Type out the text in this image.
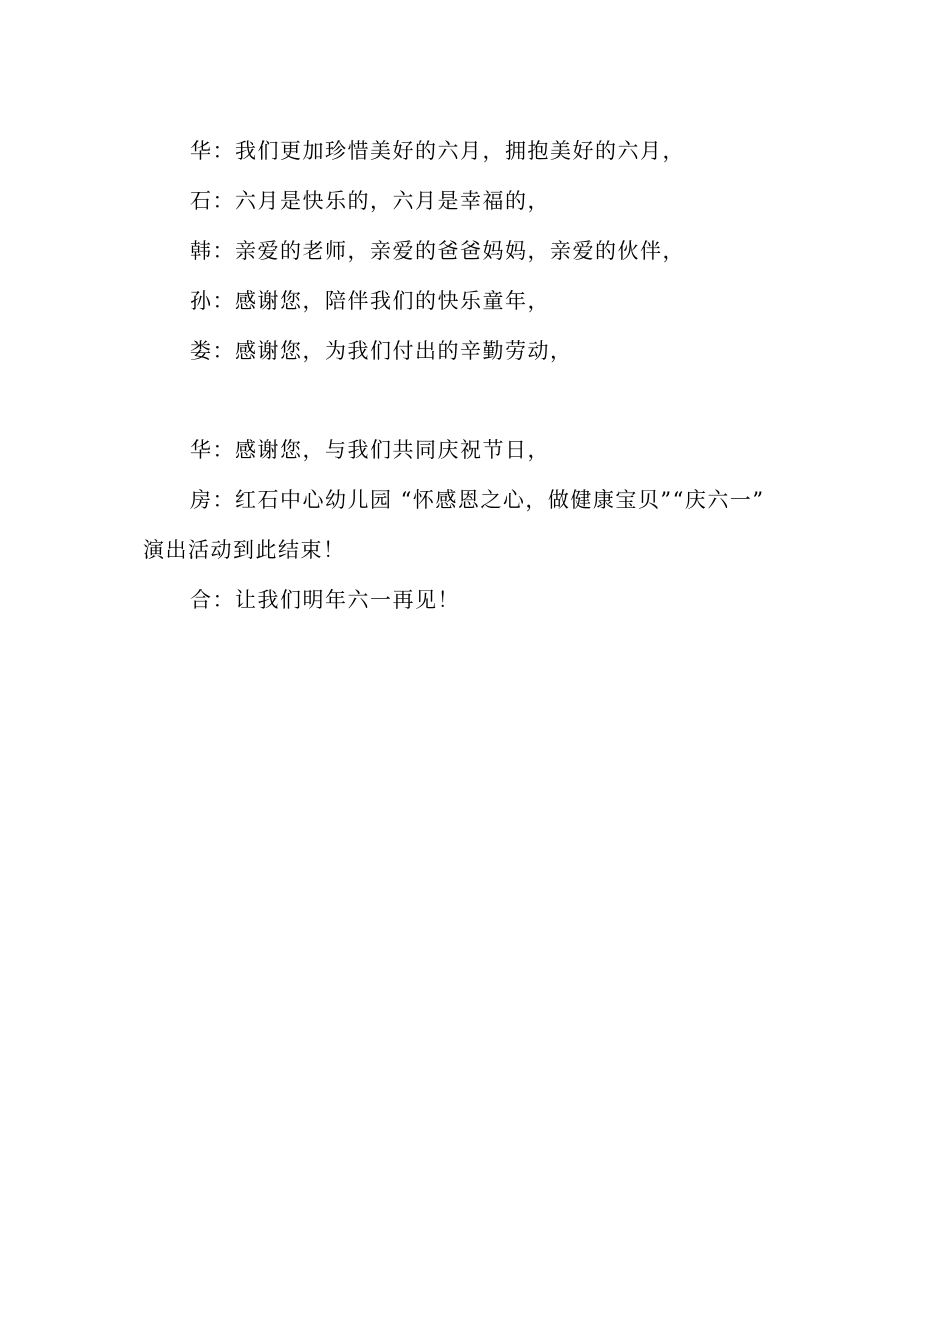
华：我们更加珍惜美好的六月，拥抱美好的六月，
石：六月是快乐的，六月是幸福的，
韩：亲爱的老师，亲爱的爸爸妈妈，亲爱的伙伴，
孙：感谢您，陪伴我们的快乐童年，
娄：感谢您，为我们付出的辛勤劳动，
华：感谢您，与我们共同庆祝节日，
房：红石中心幼儿园 “怀感恩之心，做健康宝贝”“庆六一”
演出活动到此结束！
合：让我们明年六一再见！
